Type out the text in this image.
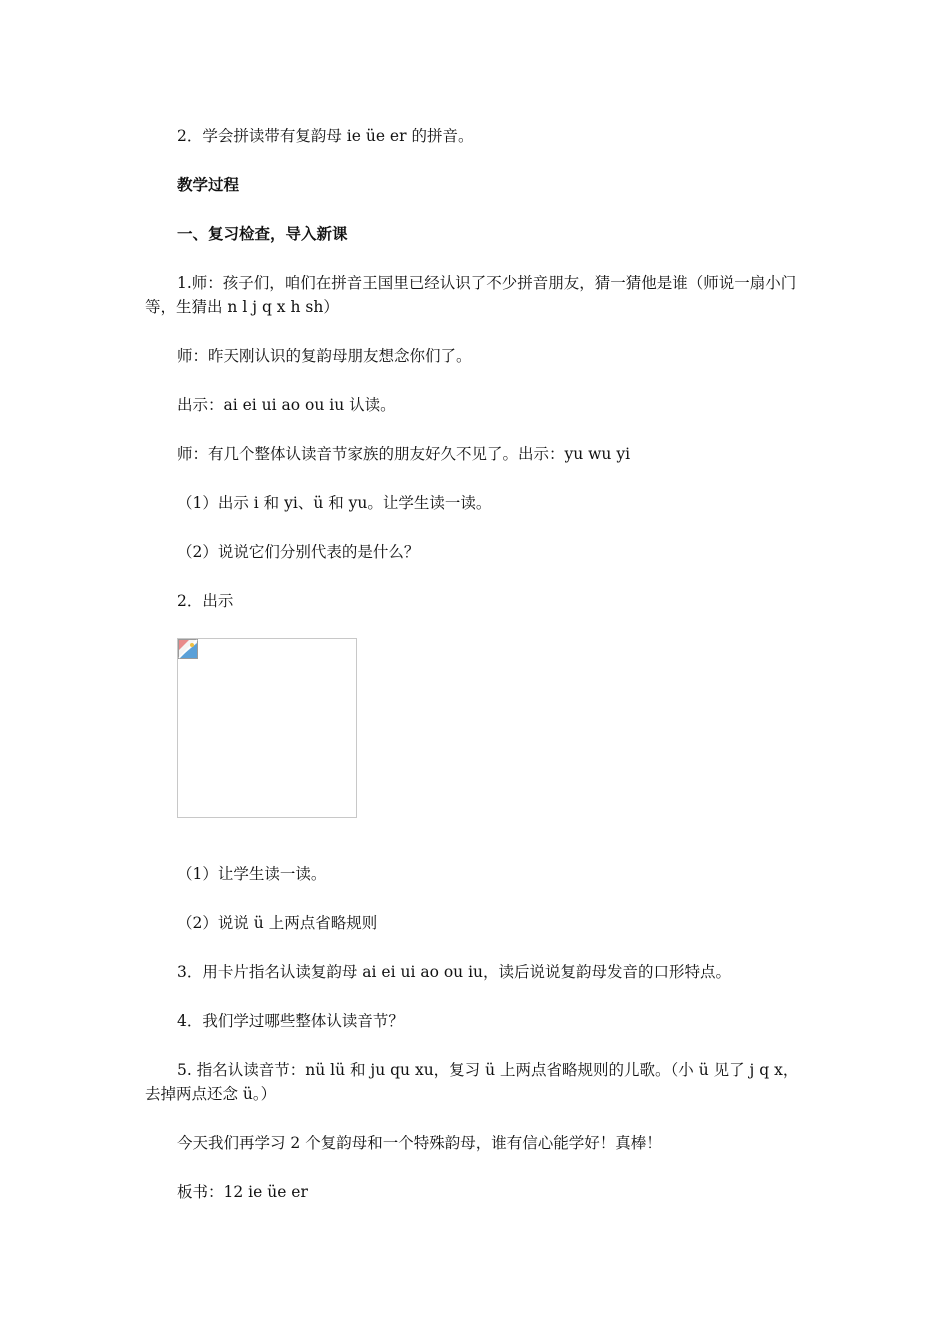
2．学会拼读带有复韵母 ie üe er 的拼音。

教学过程

一、复习检查，导入新课

1.师：孩子们，咱们在拼音王国里已经认识了不少拼音朋友，猜一猜他是谁（师说一扇小门等，生猜出 n l j q x h sh）

师：昨天刚认识的复韵母朋友想念你们了。

出示：ai ei ui ao ou iu 认读。

师：有几个整体认读音节家族的朋友好久不见了。出示：yu wu yi

（1）出示 i 和 yi、ü 和 yu。让学生读一读。

（2）说说它们分别代表的是什么？

2．出示

（1）让学生读一读。

（2）说说 ü 上两点省略规则

3．用卡片指名认读复韵母 ai ei ui ao ou iu，读后说说复韵母发音的口形特点。

4．我们学过哪些整体认读音节？

5. 指名认读音节：nü lü 和 ju qu xu，复习 ü 上两点省略规则的儿歌。（小 ü 见了 j q x，去掉两点还念 ü。）

今天我们再学习 2 个复韵母和一个特殊韵母，谁有信心能学好！真棒！

板书：12 ie üe er
